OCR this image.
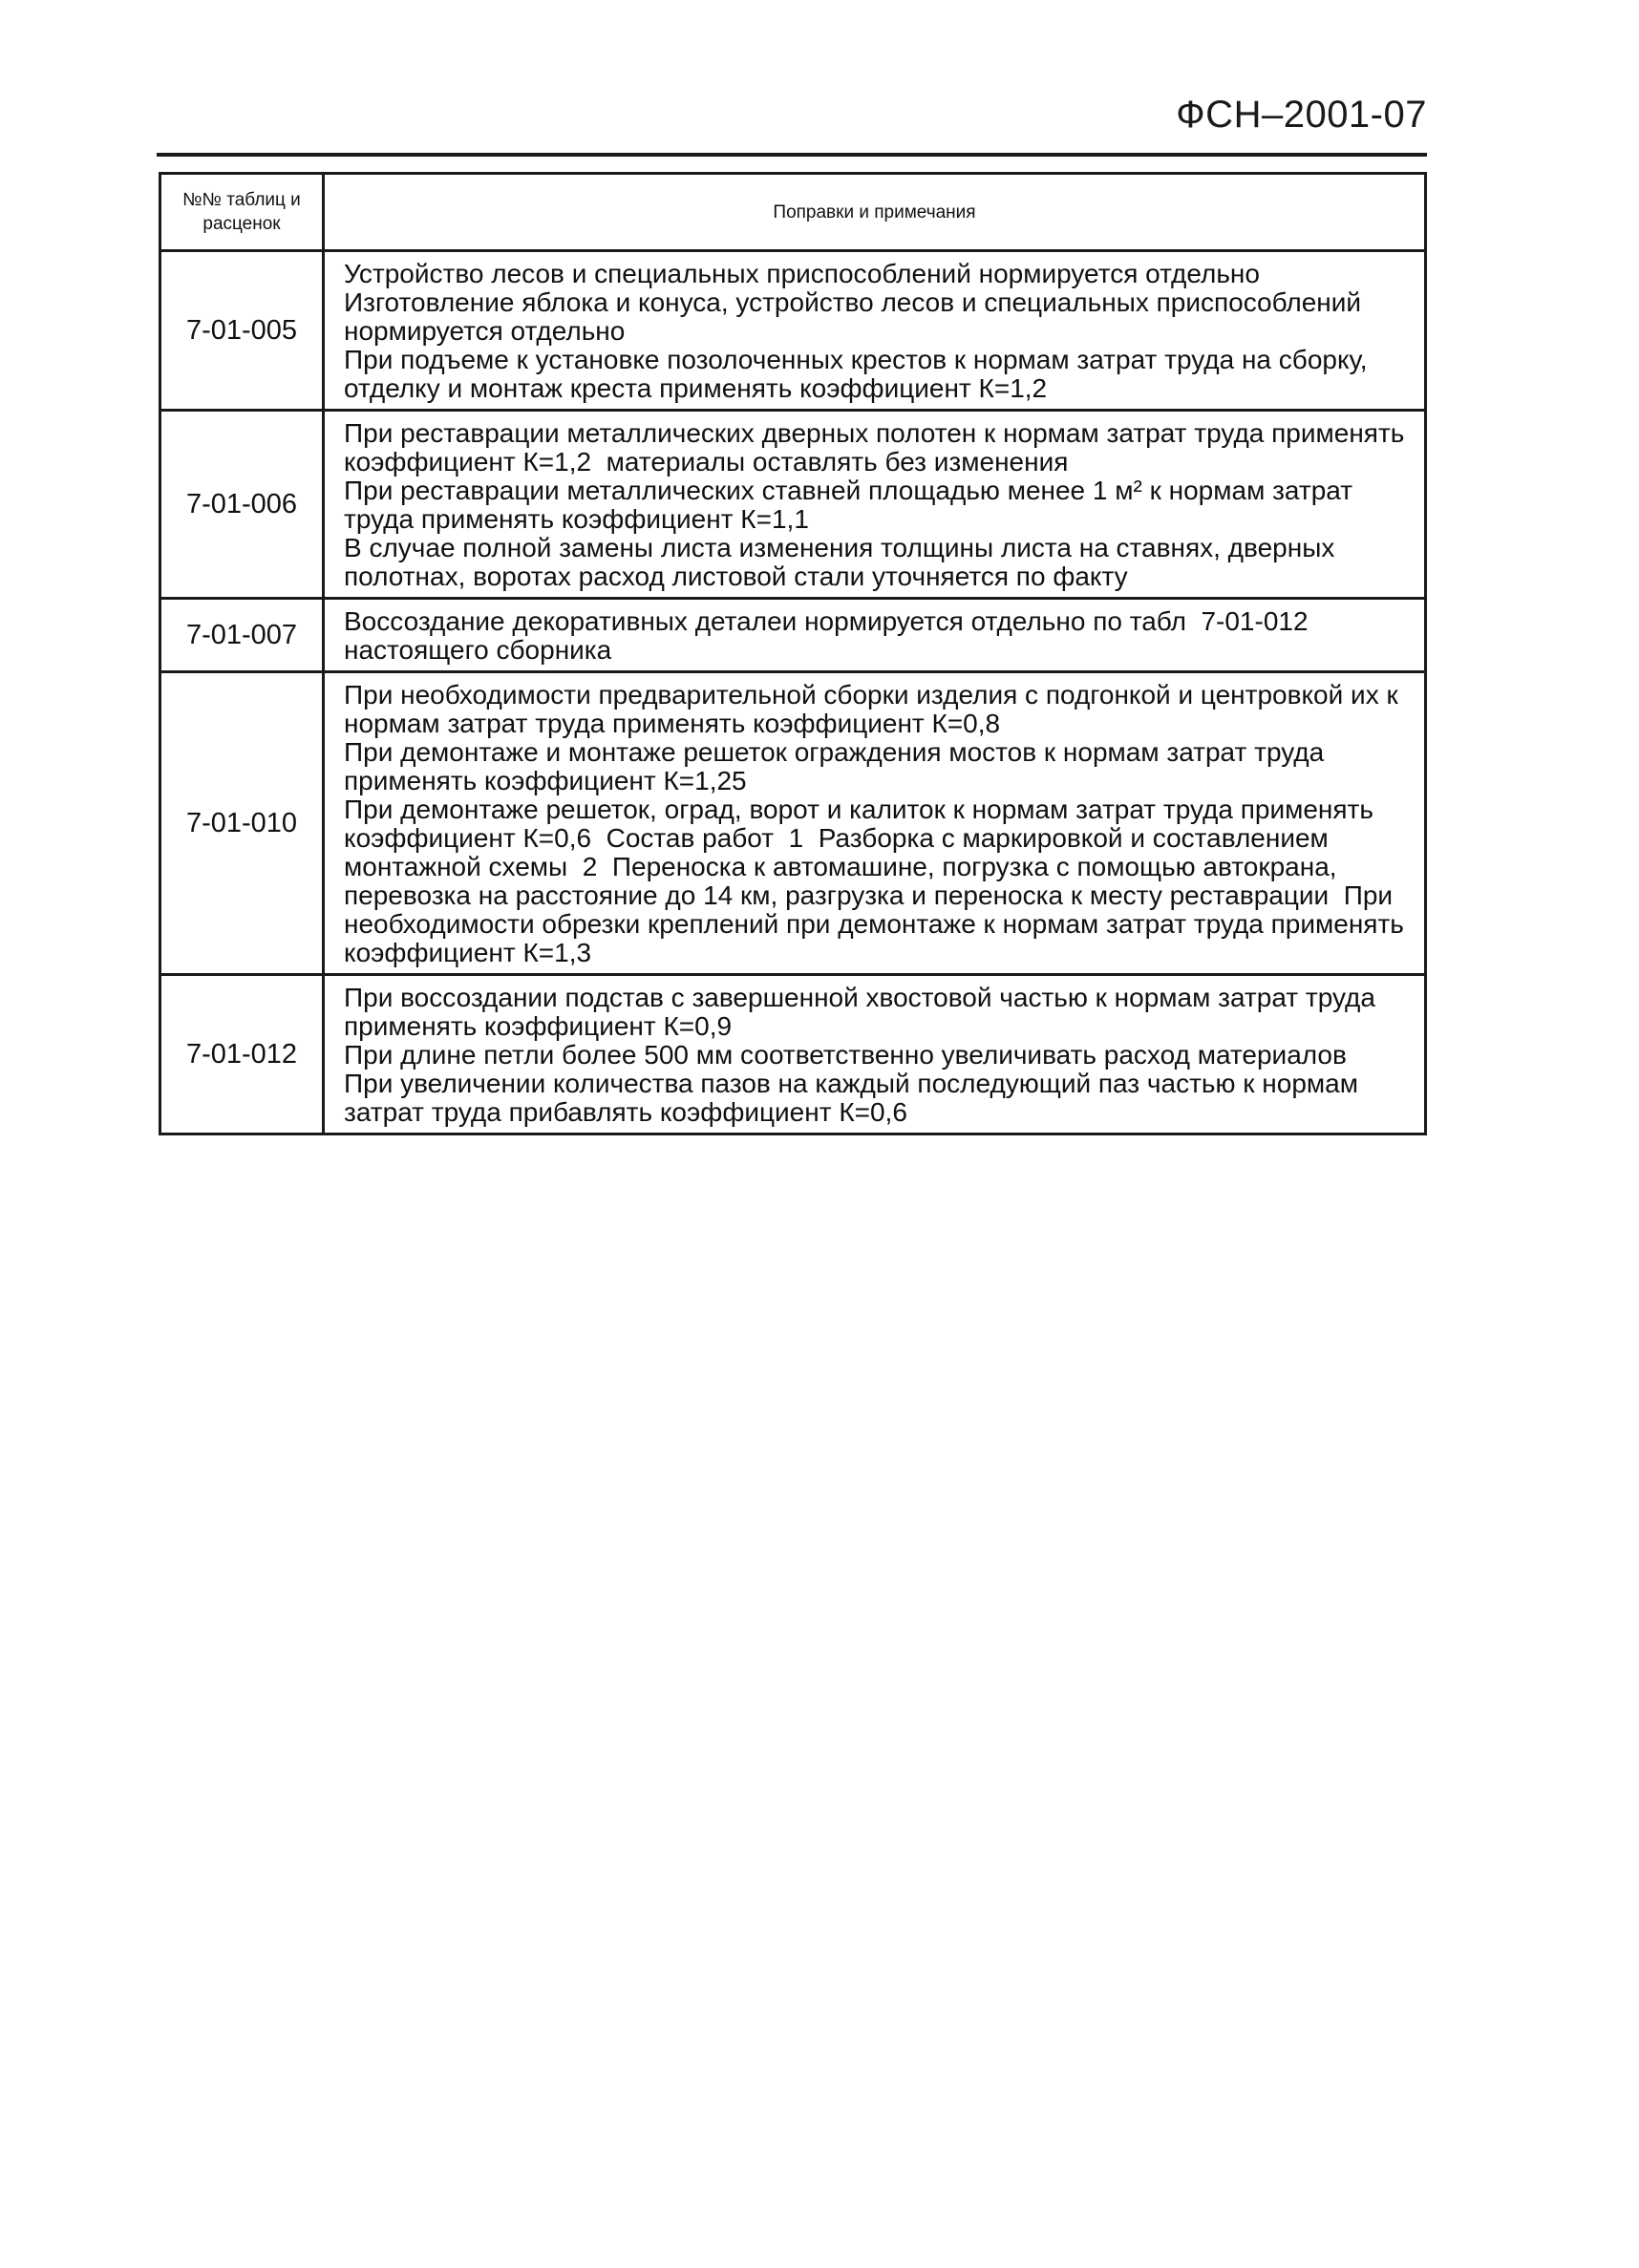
ФСН–2001-07
№№ таблиц и расценок	Поправки и примечания
7-01-005	Устройство лесов и специальных приспособлений нормируется отдельно
Изготовление яблока и конуса, устройство лесов и специальных приспособлений нормируется отдельно
При подъеме к установке позолоченных крестов к нормам затрат труда на сборку, отделку и монтаж креста применять коэффициент К=1,2

7-01-006	При реставрации металлических дверных полотен к нормам затрат труда применять коэффициент К=1,2  материалы оставлять без изменения
При реставрации металлических ставней площадью менее 1 м² к нормам затрат труда применять коэффициент К=1,1
В случае полной замены листа изменения толщины листа на ставнях, дверных полотнах, воротах расход листовой стали уточняется по факту

7-01-007	Воссоздание декоративных деталеи нормируется отдельно по табл  7-01-012 настоящего сборника

7-01-010	При необходимости предварительной сборки изделия с подгонкой и центровкой их к нормам затрат труда применять коэффициент К=0,8
При демонтаже и монтаже решеток ограждения мостов к нормам затрат труда применять коэффициент К=1,25
При демонтаже решеток, оград, ворот и калиток к нормам затрат труда применять коэффициент К=0,6  Состав работ  1  Разборка с маркировкой и составлением монтажной схемы  2  Переноска к автомашине, погрузка с помощью автокрана, перевозка на расстояние до 14 км, разгрузка и переноска к месту реставрации  При необходимости обрезки креплений при демонтаже к нормам затрат труда применять коэффициент К=1,3

7-01-012	При воссоздании подстав с завершенной хвостовой частью к нормам затрат труда применять коэффициент К=0,9
При длине петли более 500 мм соответственно увеличивать расход материалов
При увеличении количества пазов на каждый последующий паз частью к нормам затрат труда прибавлять коэффициент К=0,6
